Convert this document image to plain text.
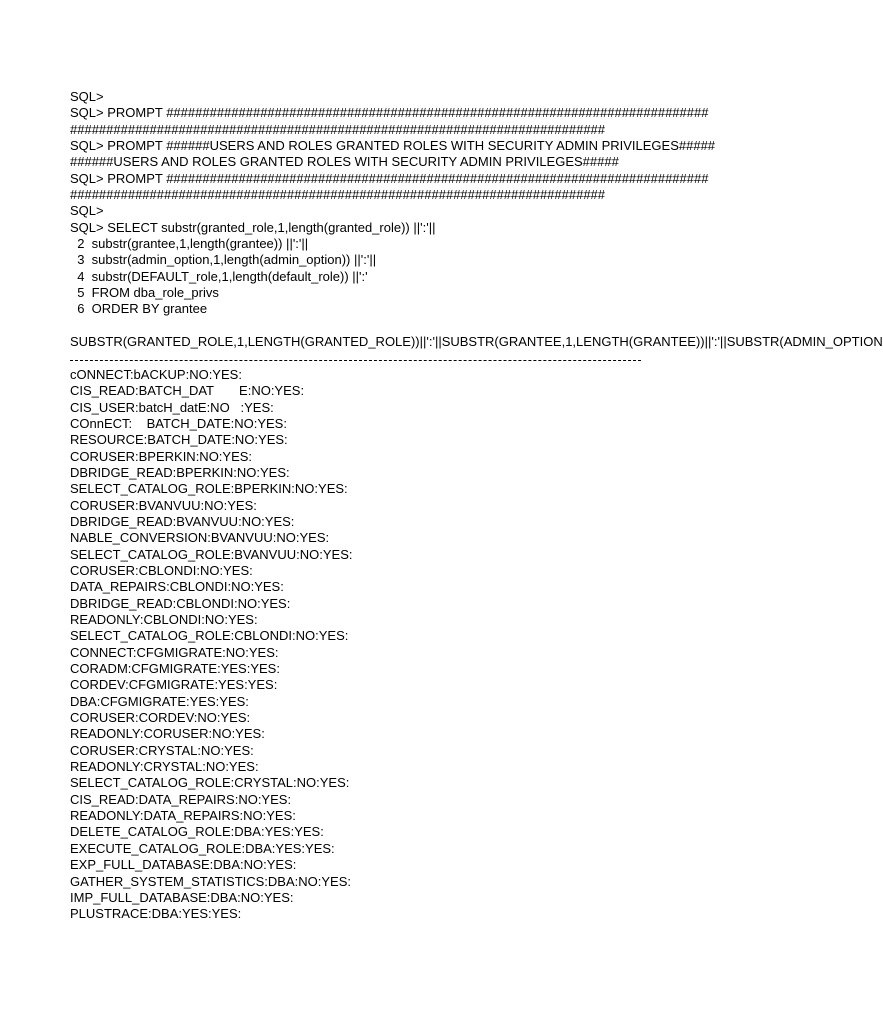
SQL>
SQL> PROMPT ###########################################################################
##########################################################################
SQL> PROMPT ######USERS AND ROLES GRANTED ROLES WITH SECURITY ADMIN PRIVILEGES#####
######USERS AND ROLES GRANTED ROLES WITH SECURITY ADMIN PRIVILEGES#####
SQL> PROMPT ###########################################################################
##########################################################################
SQL>
SQL> SELECT substr(granted_role,1,length(granted_role)) ||':'||
2  substr(grantee,1,length(grantee)) ||':'||
3  substr(admin_option,1,length(admin_option)) ||':'||
4  substr(DEFAULT_role,1,length(default_role)) ||':'
5  FROM dba_role_privs
6  ORDER BY grantee
SUBSTR(GRANTED_ROLE,1,LENGTH(GRANTED_ROLE))||':'||SUBSTR(GRANTEE,1,LENGTH(GRANTEE))||':'||SUBSTR(ADMIN_OPTION
cONNECT:bACKUP:NO:YES:
CIS_READ:BATCH_DAT       E:NO:YES:
CIS_USER:batcH_datE:NO   :YES:
COnnECT:    BATCH_DATE:NO:YES:
RESOURCE:BATCH_DATE:NO:YES:
CORUSER:BPERKIN:NO:YES:
DBRIDGE_READ:BPERKIN:NO:YES:
SELECT_CATALOG_ROLE:BPERKIN:NO:YES:
CORUSER:BVANVUU:NO:YES:
DBRIDGE_READ:BVANVUU:NO:YES:
NABLE_CONVERSION:BVANVUU:NO:YES:
SELECT_CATALOG_ROLE:BVANVUU:NO:YES:
CORUSER:CBLONDI:NO:YES:
DATA_REPAIRS:CBLONDI:NO:YES:
DBRIDGE_READ:CBLONDI:NO:YES:
READONLY:CBLONDI:NO:YES:
SELECT_CATALOG_ROLE:CBLONDI:NO:YES:
CONNECT:CFGMIGRATE:NO:YES:
CORADM:CFGMIGRATE:YES:YES:
CORDEV:CFGMIGRATE:YES:YES:
DBA:CFGMIGRATE:YES:YES:
CORUSER:CORDEV:NO:YES:
READONLY:CORUSER:NO:YES:
CORUSER:CRYSTAL:NO:YES:
READONLY:CRYSTAL:NO:YES:
SELECT_CATALOG_ROLE:CRYSTAL:NO:YES:
CIS_READ:DATA_REPAIRS:NO:YES:
READONLY:DATA_REPAIRS:NO:YES:
DELETE_CATALOG_ROLE:DBA:YES:YES:
EXECUTE_CATALOG_ROLE:DBA:YES:YES:
EXP_FULL_DATABASE:DBA:NO:YES:
GATHER_SYSTEM_STATISTICS:DBA:NO:YES:
IMP_FULL_DATABASE:DBA:NO:YES:
PLUSTRACE:DBA:YES:YES:
